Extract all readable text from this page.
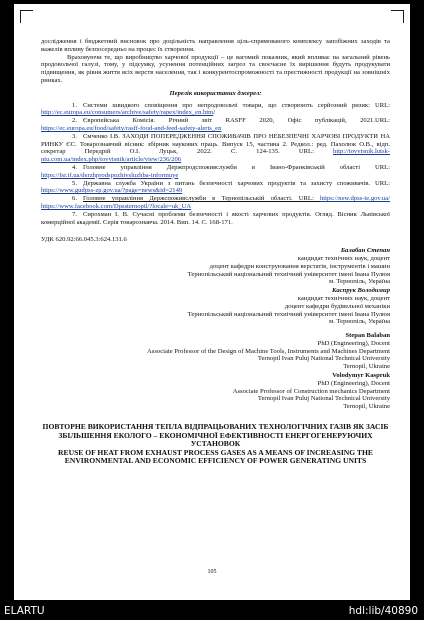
дослідження і бюджетний висновок про доцільність направлення ціль-спрямованого комплексу запобіжних заходів та важелів впливу безпосередньо на процес їх створення.

Враховуючи те, що виробництво харчової продукції – це вагомий показник, який впливає на загальний рівень продовольчої галузі, тому, у підсумку, усунення потенційних загроз та своєчасне їх вирішення будуть продукувати підвищення, як рівня життя всіх верств населення, так і конкурентоспроможності та престижності продукції на зовнішніх ринках.

Перелік використаних джерел:

1. Системи швидкого сповіщення про непродовольчі товари, що створюють серйозний ризик: URL: http://ec.europa.eu/consumers/archive/safety/rapex/index_en.htm/

2. Європейська Комісія. Річний звіт RASFF 2020, Офіс публікацій, 2021.URL: https://ec.europa.eu/food/safety/rasff-food-and-feed-safety-alerts_en

3. Смченко І.В. ЗАХОДИ ПОПЕРЕДЖЕННЯ СПОЖИВАЧІВ ПРО НЕБЕЗПЕЧНІ ХАРЧОВІ ПРОДУКТИ НА РИНКУ ЄС. Товарознавчий вісник: збірник наукових праць. Випуск 15, частина 2. Редкол.: ред. Пахолюк О.В., відп. секретар Передрій О.І. Луцьк, 2022. С. 124-135. URL: http://tovvisnik.lutsk-ntu.com.ua/index.php/tovvisnik/article/view/236/206

4. Головне управління Держпродспоживслужби в Івано-Франківській області URL: https://fsr.if.ua/derzhprodspozhivsluzhba-informuye

5. Державна служба України з питань безпечності харчових продуктів та захисту споживачів. URL: https://www.gudpss-zp.gov.ua/?page=news&id=2149

6. Головне управління Держспоживслужби в Тернопільській області. URL: https://new.dpss-te.gov.ua/ https://www.facebook.com/Dpssternopil/?locale=uk_UA

7. Сирохман І. В. Сучасні проблеми безпечності і якості харчових продуктів. Огляд. Вісник Львівської комерційної академії. Серія товарознавча. 2014. Вип. 14. С. 168-171.

УДК 620.92:66.045.3:624.131.6

Балабан Степан
кандидат технічних наук, доцент
доцент кафедри конструювання верстатів, інструментів і машин
Тернопільський національний технічний університет імені Івана Пулюя
м. Тернопіль, Україна
Каспрук Володимир
кандидат технічних наук, доцент
доцент кафедри будівельної механіки
Тернопільський національний технічний університет імені Івана Пулюя
м. Тернопіль, Україна
Stepan Balaban
PhD (Engineering), Docent
Associate Professor of the Design of Machine Tools, Instruments and Machines Department
Ternopil Ivan Puluj National Technical University
Ternopil, Ukraine
Volodymyr Kaspruk
PhD (Engineering), Docent
Associate Professor of Construction mechanics Department
Ternopil Ivan Puluj National Technical University
Ternopil, Ukraine
ПОВТОРНЕ ВИКОРИСТАННЯ ТЕПЛА ВІДПРАЦЬОВАНИХ ТЕХНОЛОГІЧНИХ ГАЗІВ ЯК ЗАСІБ ЗБІЛЬШЕННЯ ЕКОЛОГО – ЕКОНОМІЧНОЇ ЕФЕКТИВНОСТІ ЕНЕРГОГЕНЕРУЮЧИХ УСТАНОВОК
REUSE OF HEAT FROM EXHAUST PROCESS GASES AS A MEANS OF INCREASING THE ENVIRONMENTAL AND ECONOMIC EFFICIENCY OF POWER GENERATING UNITS
105
ELARTU	hdl:lib/40890
